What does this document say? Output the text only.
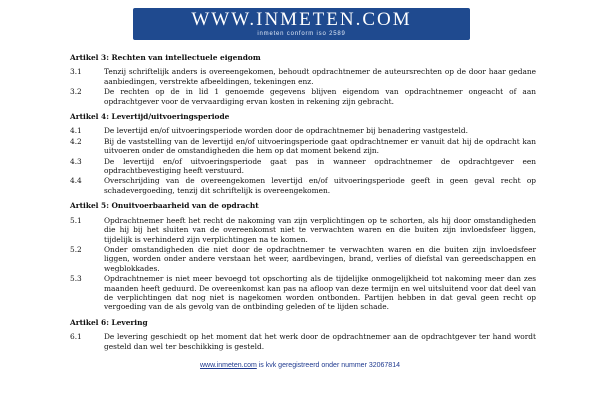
WWW.INMETEN.COM
inmeten conform iso 2589
Artikel 3: Rechten van intellectuele eigendom
3.1	Tenzij schriftelijk anders is overeengekomen, behoudt opdrachtnemer de auteursrechten op de door haar gedane aanbiedingen, verstrekte afbeeldingen, tekeningen enz.
3.2	De rechten op de in lid 1 genoemde gegevens blijven eigendom van opdrachtnemer ongeacht of aan opdrachtgever voor de vervaardiging ervan kosten in rekening zijn gebracht.
Artikel 4: Levertijd/uitvoeringsperiode
4.1	De levertijd en/of uitvoeringsperiode worden door de opdrachtnemer bij benadering vastgesteld.
4.2	Bij de vaststelling van de levertijd en/of uitvoeringsperiode gaat opdrachtnemer er vanuit dat hij de opdracht kan uitvoeren onder de omstandigheden die hem op dat moment bekend zijn.
4.3	De levertijd en/of uitvoeringsperiode gaat pas in wanneer opdrachtnemer de opdrachtgever een opdrachtbevestiging heeft verstuurd.
4.4	Overschrijding van de overeengekomen levertijd en/of uitvoeringsperiode geeft in geen geval recht op schadevergoeding, tenzij dit schriftelijk is overeengekomen.
Artikel 5: Onuitvoerbaarheid van de opdracht
5.1	Opdrachtnemer heeft het recht de nakoming van zijn verplichtingen op te schorten, als hij door omstandigheden die hij bij het sluiten van de overeenkomst niet te verwachten waren en die buiten zijn invloedsfeer liggen, tijdelijk is verhinderd zijn verplichtingen na te komen.
5.2	Onder omstandigheden die niet door de opdrachtnemer te verwachten waren en die buiten zijn invloedsfeer liggen, worden onder andere verstaan het weer, aardbevingen, brand, verlies of diefstal van gereedschappen en wegblokkades.
5.3	Opdrachtnemer is niet meer bevoegd tot opschorting als de tijdelijke onmogelijkheid tot nakoming meer dan zes maanden heeft geduurd. De overeenkomst kan pas na afloop van deze termijn en wel uitsluitend voor dat deel van de verplichtingen dat nog niet is nagekomen worden ontbonden. Partijen hebben in dat geval geen recht op vergoeding van de als gevolg van de ontbinding geleden of te lijden schade.
Artikel 6: Levering
6.1	De levering geschiedt op het moment dat het werk door de opdrachtnemer aan de opdrachtgever ter hand wordt gesteld dan wel ter beschikking is gesteld.
www.inmeten.com is kvk geregistreerd onder nummer 32067814
